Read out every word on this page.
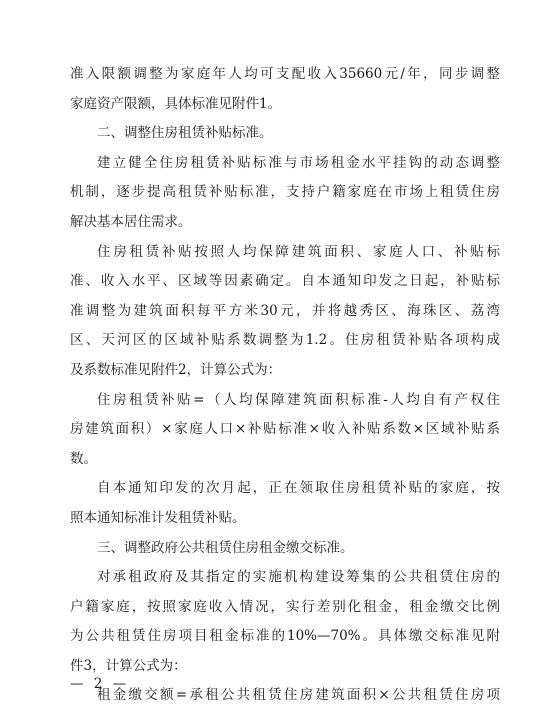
准入限额调整为家庭年人均可支配收入35660元/年，同步调整
家庭资产限额，具体标准见附件1。
二、调整住房租赁补贴标准。
建立健全住房租赁补贴标准与市场租金水平挂钩的动态调整
机制，逐步提高租赁补贴标准，支持户籍家庭在市场上租赁住房
解决基本居住需求。
住房租赁补贴按照人均保障建筑面积、家庭人口、补贴标
准、收入水平、区域等因素确定。自本通知印发之日起，补贴标
准调整为建筑面积每平方米30元，并将越秀区、海珠区、荔湾
区、天河区的区域补贴系数调整为1.2。住房租赁补贴各项构成
及系数标准见附件2，计算公式为：
住房租赁补贴=（人均保障建筑面积标准-人均自有产权住
房建筑面积）×家庭人口×补贴标准×收入补贴系数×区域补贴系
数。
自本通知印发的次月起，正在领取住房租赁补贴的家庭，按
照本通知标准计发租赁补贴。
三、调整政府公共租赁住房租金缴交标准。
对承租政府及其指定的实施机构建设筹集的公共租赁住房的
户籍家庭，按照家庭收入情况，实行差别化租金，租金缴交比例
为公共租赁住房项目租金标准的10%—70%。具体缴交标准见附
件3，计算公式为：
租金缴交额=承租公共租赁住房建筑面积×公共租赁住房项
— 2 —
